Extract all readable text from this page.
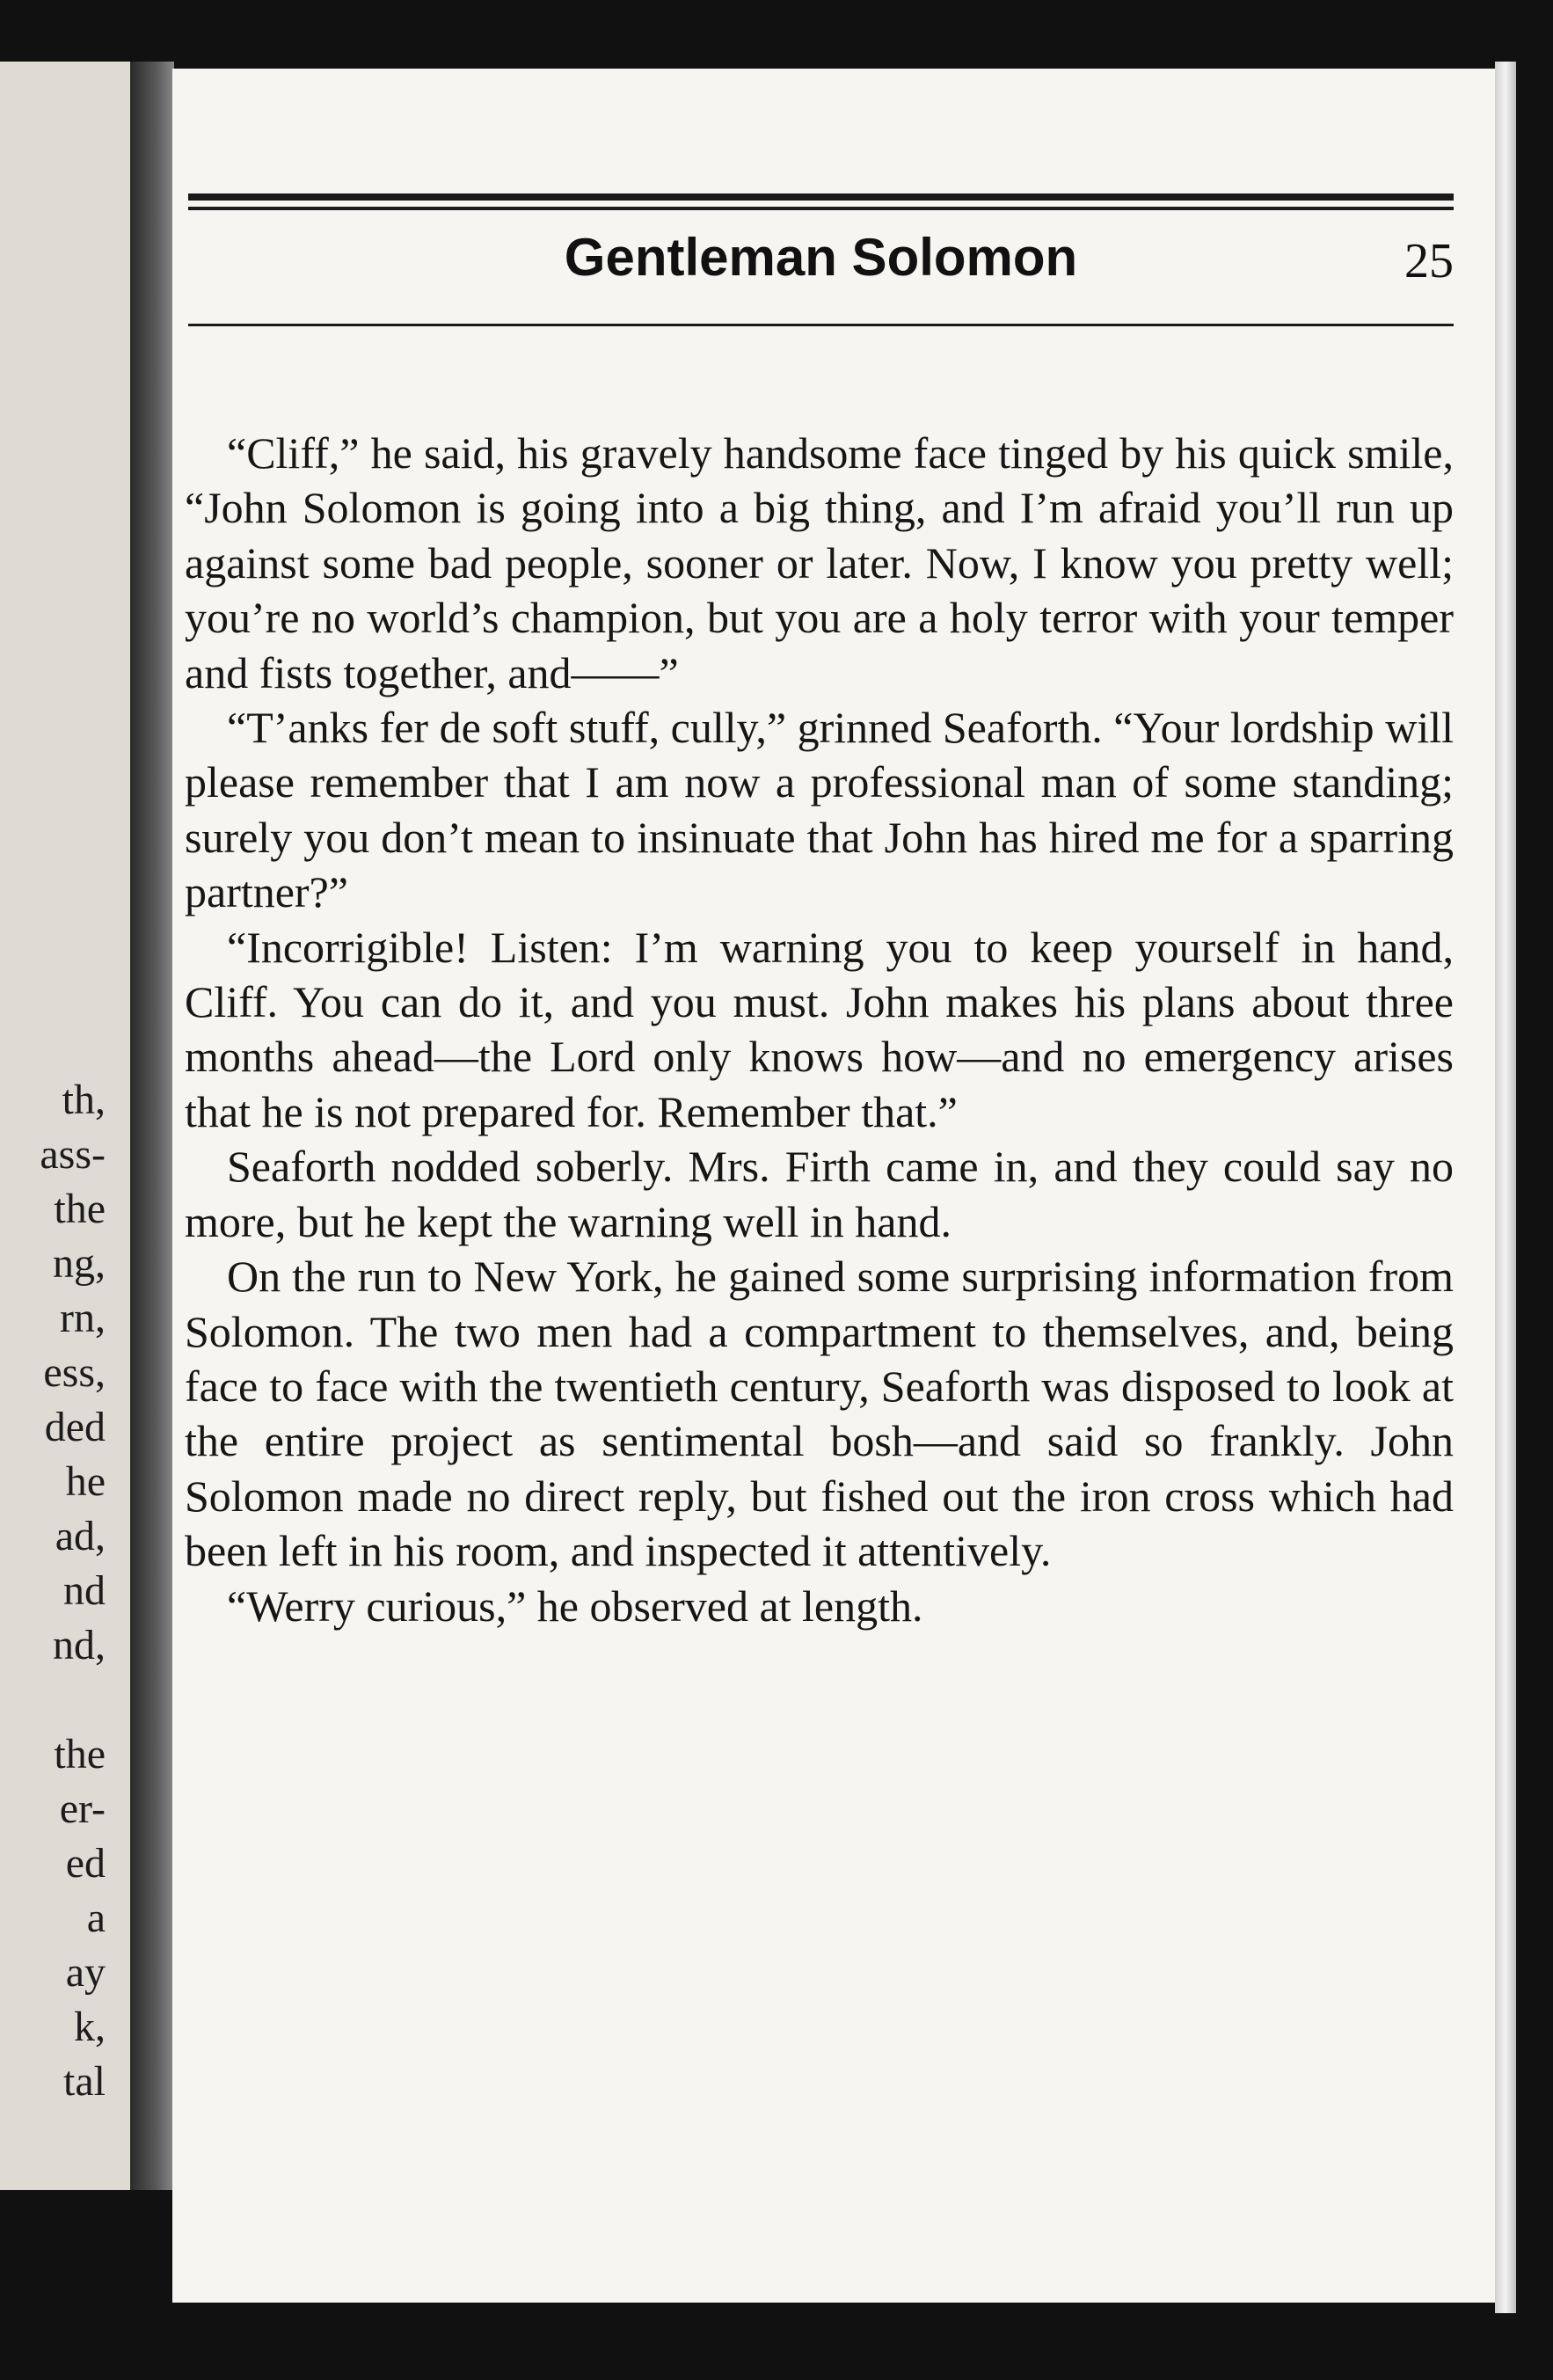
th,
ass-
the
ng,
rn,
ess,
ded
he
ad,
nd
nd,

the
er-
ed
a
ay
k,
tal
Gentleman Solomon	25

“Cliff,” he said, his gravely handsome face tinged by his quick smile, “John Solomon is going into a big thing, and I’m afraid you’ll run up against some bad people, sooner or later. Now, I know you pretty well; you’re no world’s champion, but you are a holy terror with your temper and fists together, and——”

“T’anks fer de soft stuff, cully,” grinned Seaforth. “Your lordship will please remember that I am now a professional man of some standing; surely you don’t mean to insinuate that John has hired me for a sparring partner?”

“Incorrigible! Listen: I’m warning you to keep yourself in hand, Cliff. You can do it, and you must. John makes his plans about three months ahead—the Lord only knows how—and no emergency arises that he is not prepared for. Remember that.”

Seaforth nodded soberly. Mrs. Firth came in, and they could say no more, but he kept the warning well in hand.

On the run to New York, he gained some surprising information from Solomon. The two men had a compartment to themselves, and, being face to face with the twentieth century, Seaforth was disposed to look at the entire project as sentimental bosh—and said so frankly. John Solomon made no direct reply, but fished out the iron cross which had been left in his room, and inspected it attentively.

“Werry curious,” he observed at length.
